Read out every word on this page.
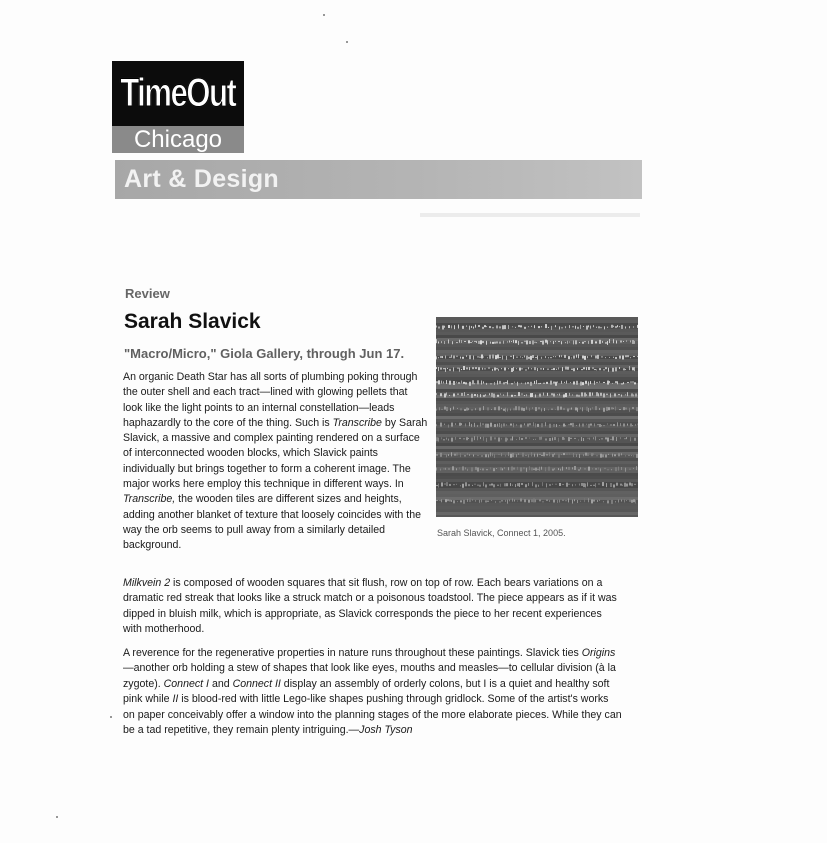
TimeOut
Chicago
Art & Design
Review
Sarah Slavick
"Macro/Micro," Giola Gallery, through Jun 17.

An organic Death Star has all sorts of plumbing poking through the outer shell and each tract—lined with glowing pellets that look like the light points to an internal constellation—leads haphazardly to the core of the thing. Such is Transcribe by Sarah Slavick, a massive and complex painting rendered on a surface of interconnected wooden blocks, which Slavick paints individually but brings together to form a coherent image. The major works here employ this technique in different ways. In Transcribe, the wooden tiles are different sizes and heights, adding another blanket of texture that loosely coincides with the way the orb seems to pull away from a similarly detailed background.

Sarah Slavick, Connect 1, 2005.

Milkvein 2 is composed of wooden squares that sit flush, row on top of row. Each bears variations on a dramatic red streak that looks like a struck match or a poisonous toadstool. The piece appears as if it was dipped in bluish milk, which is appropriate, as Slavick corresponds the piece to her recent experiences with motherhood.

A reverence for the regenerative properties in nature runs throughout these paintings. Slavick ties Origins—another orb holding a stew of shapes that look like eyes, mouths and measles—to cellular division (à la zygote). Connect I and Connect II display an assembly of orderly colons, but I is a quiet and healthy soft pink while II is blood-red with little Lego-like shapes pushing through gridlock. Some of the artist's works on paper conceivably offer a window into the planning stages of the more elaborate pieces. While they can be a tad repetitive, they remain plenty intriguing.—Josh Tyson
